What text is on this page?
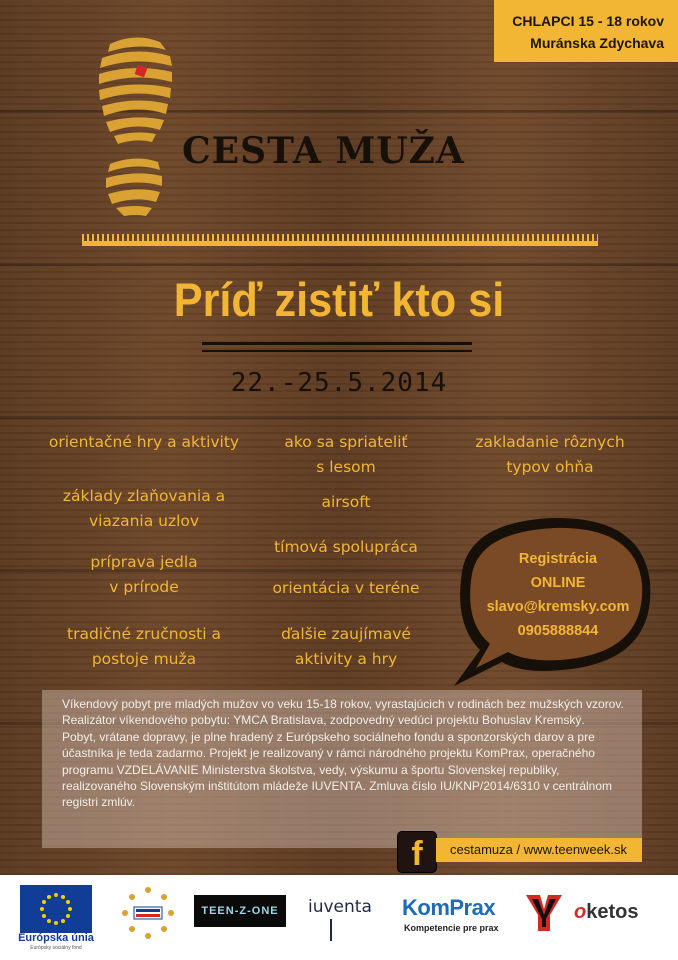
CHLAPCI 15 - 18 rokov
Muránska Zdychava
CESTA MUŽA
Príď zistiť kto si
22.-25.5.2014
orientačné hry a aktivity
základy zlaňovania a
viazania uzlov
príprava jedla
v prírode
tradičné zručnosti a
postoje muža
ako sa spriateliť
s lesom
airsoft
tímová spolupráca
orientácia v teréne
ďalšie zaujímavé
aktivity a hry
zakladanie rôznych
typov ohňa
Registrácia
ONLINE
slavo@kremsky.com
0905888844

Víkendový pobyt pre mladých mužov vo veku 15-18 rokov, vyrastajúcich v rodinách bez mužských vzorov. Realizátor víkendového pobytu: YMCA Bratislava, zodpovedný vedúci projektu Bohuslav Kremský.

Pobyt, vrátane dopravy, je plne hradený z Európskeho sociálneho fondu a sponzorských darov a pre účastníka je teda zadarmo. Projekt je realizovaný v rámci národného projektu KomPrax, operačného programu VZDELÁVANIE Ministerstva školstva, vedy, výskumu a športu Slovenskej republiky, realizovaného Slovenským inštitútom mládeže IUVENTA. Zmluva číslo IU/KNP/2014/6310 v centrálnom registri zmlúv.

f	cestamuza / www.teenweek.sk
Európska únia
Európsky sociálny fond
TEEN-Z-ONE	iuventa KomPrax
Kompetencie pre prax
oketos
